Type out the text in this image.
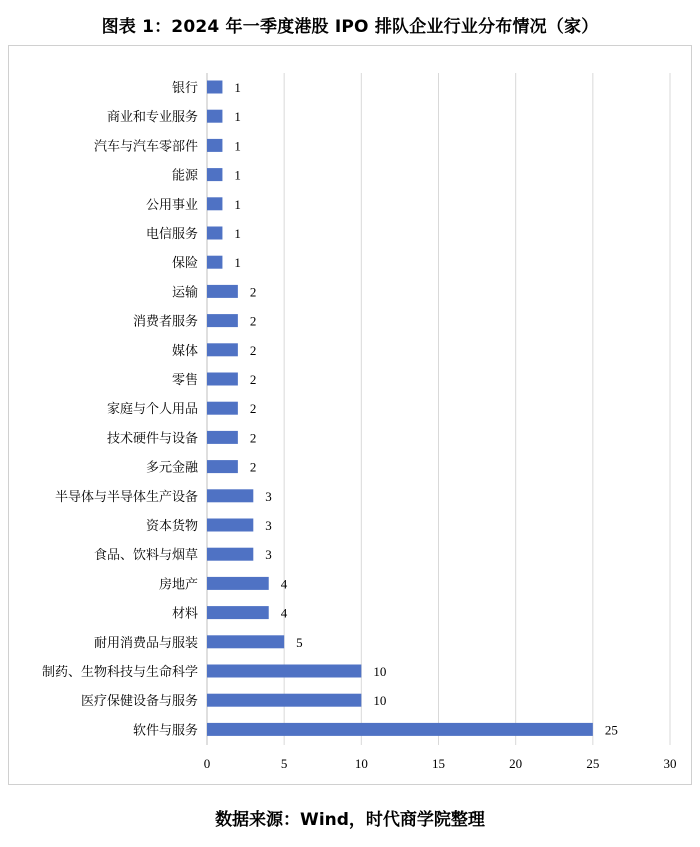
图表 1：2024 年一季度港股 IPO 排队企业行业分布情况（家）
银行
商业和专业服务
汽车与汽车零部件
能源
公用事业
电信服务
保险
运输
消费者服务
媒体
零售
家庭与个人用品
技术硬件与设备
多元金融
半导体与半导体生产设备
资本货物
食品、饮料与烟草
房地产
材料
耐用消费品与服装
制药、生物科技与生命科学
医疗保健设备与服务
软件与服务
1
1
1
1
1
1
1
2
2
2
2
2
2
2
3
3
3
4
4
5
10
10
25
0	5	10	15	20	25	30
数据来源：Wind，时代商学院整理
